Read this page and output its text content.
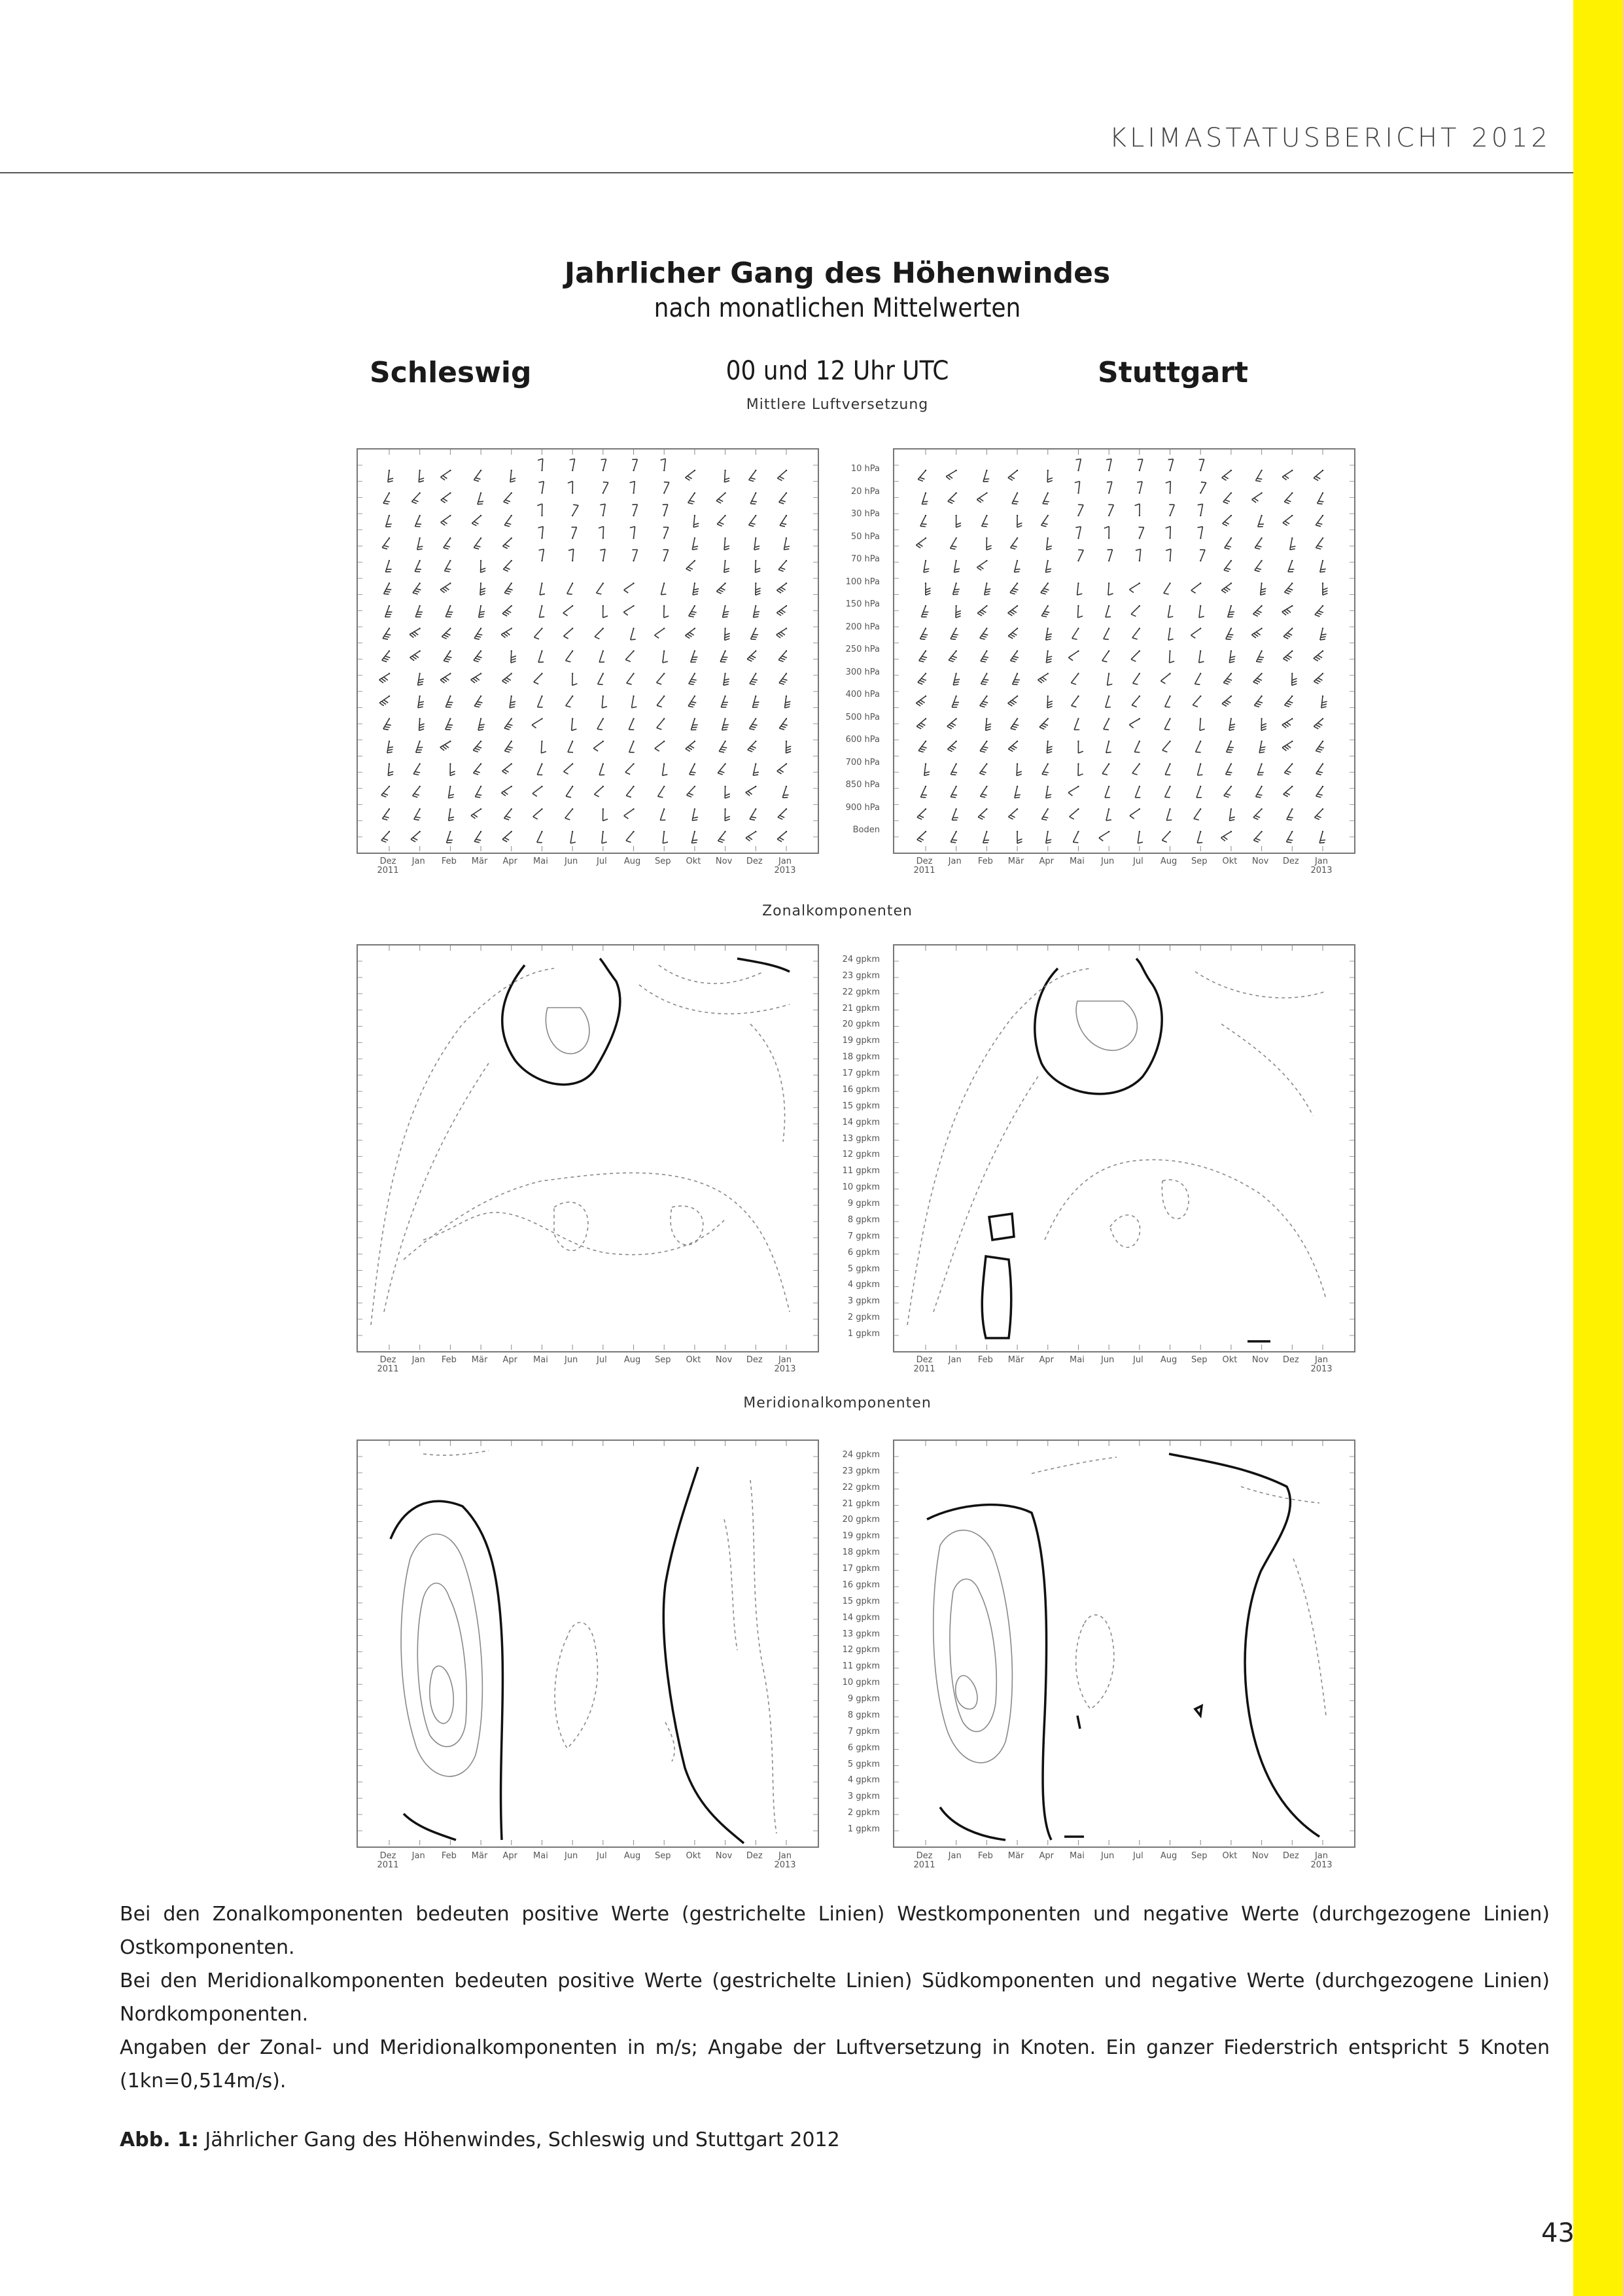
KLIMASTATUSBERICHT 2012
Jahrlicher Gang des Höhenwindes
nach monatlichen Mittelwerten
Schleswig	00 und 12 Uhr UTC	Stuttgart
Mittlere Luftversetzung
Zonalkomponenten
Meridionalkomponenten
10 hPa
20 hPa
30 hPa
50 hPa
70 hPa
100 hPa
150 hPa
200 hPa
250 hPa
300 hPa
400 hPa
500 hPa
600 hPa
700 hPa
850 hPa
900 hPa
Boden
Dez

2011
Jan	Feb	Mär	Apr	Mai	Jun	Jul	Aug	Sep	Okt	Nov	Dez	Jan

2013
Dez

2011
Jan	Feb	Mär	Apr	Mai	Jun	Jul	Aug	Sep	Okt	Nov	Dez	Jan

2013
24 gpkm
23 gpkm
22 gpkm
21 gpkm
20 gpkm
19 gpkm
18 gpkm
17 gpkm
16 gpkm
15 gpkm
14 gpkm
13 gpkm
12 gpkm
11 gpkm
10 gpkm
9 gpkm
8 gpkm
7 gpkm
6 gpkm
5 gpkm
4 gpkm
3 gpkm
2 gpkm
1 gpkm
Dez

2011
Jan	Feb	Mär	Apr	Mai	Jun	Jul	Aug	Sep	Okt	Nov	Dez	Jan

2013
Dez

2011
Jan	Feb	Mär	Apr	Mai	Jun	Jul	Aug	Sep	Okt	Nov	Dez	Jan

2013
24 gpkm
23 gpkm
22 gpkm
21 gpkm
20 gpkm
19 gpkm
18 gpkm
17 gpkm
16 gpkm
15 gpkm
14 gpkm
13 gpkm
12 gpkm
11 gpkm
10 gpkm
9 gpkm
8 gpkm
7 gpkm
6 gpkm
5 gpkm
4 gpkm
3 gpkm
2 gpkm
1 gpkm
Dez

2011
Jan	Feb	Mär	Apr	Mai	Jun	Jul	Aug	Sep	Okt	Nov	Dez	Jan

2013
Dez

2011
Jan	Feb	Mär	Apr	Mai	Jun	Jul	Aug	Sep	Okt	Nov	Dez	Jan

2013

Bei den Zonalkomponenten bedeuten positive Werte (gestrichelte Linien) Westkomponenten und negative Werte (durchgezogene Linien) Ostkomponenten.

Bei den Meridionalkomponenten bedeuten positive Werte (gestrichelte Linien) Südkomponenten und negative Werte (durchgezogene Linien) Nordkomponenten.

Angaben der Zonal- und Meridionalkomponenten in m/s; Angabe der Luftversetzung in Knoten. Ein ganzer Fiederstrich entspricht 5 Knoten (1kn=0,514m/s).

Abb. 1: Jährlicher Gang des Höhenwindes, Schleswig und Stuttgart 2012
43
